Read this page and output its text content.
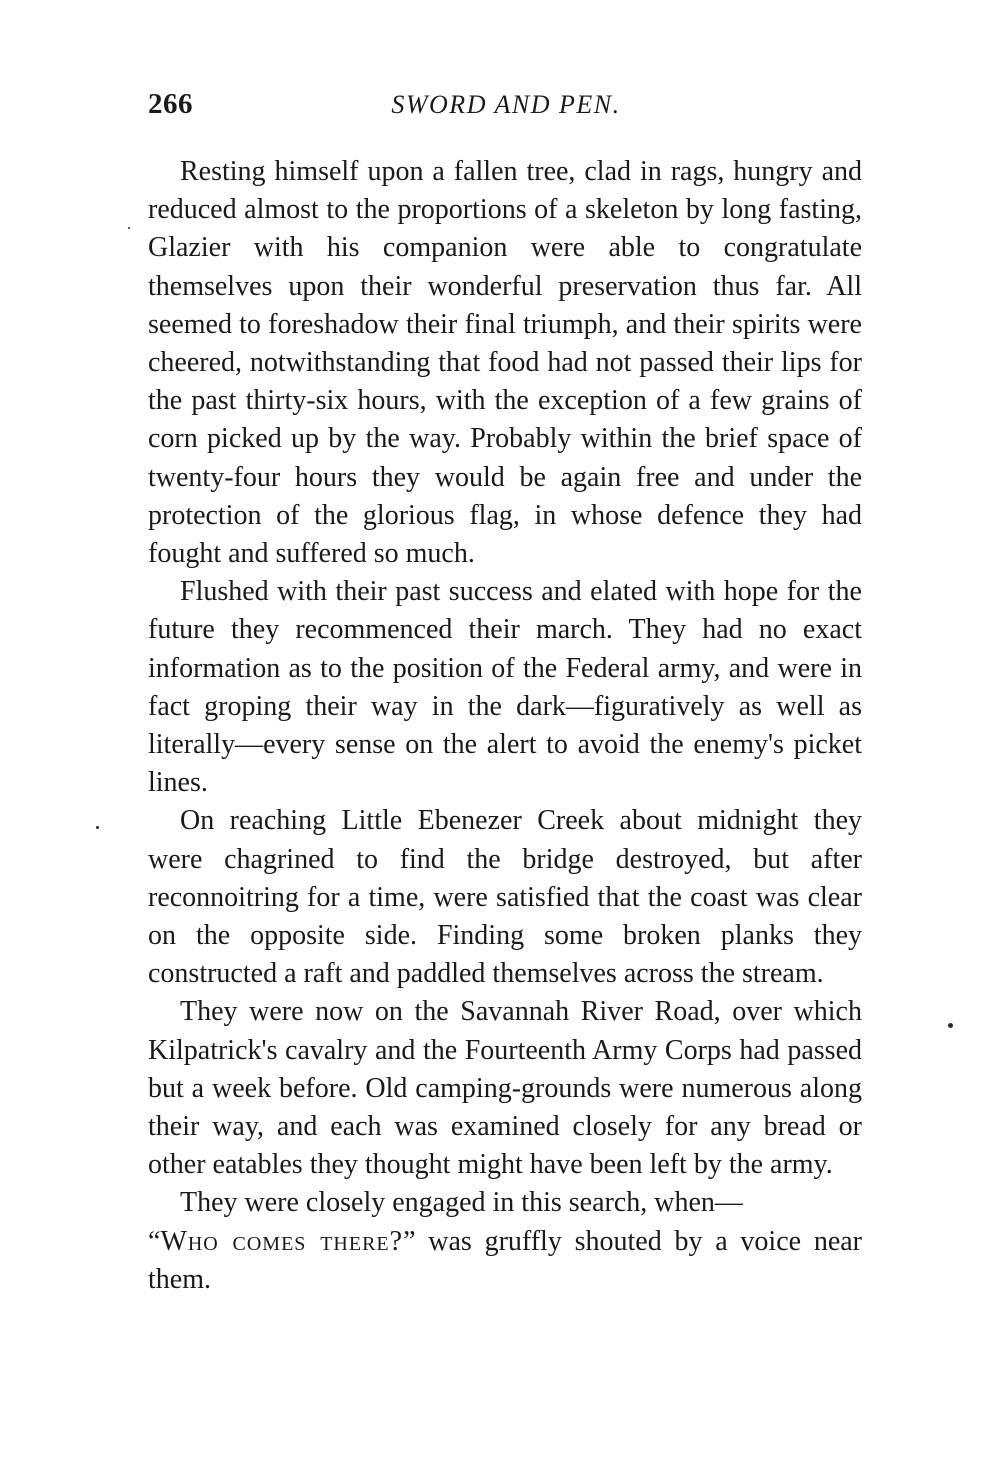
266	SWORD AND PEN.

Resting himself upon a fallen tree, clad in rags, hungry and reduced almost to the proportions of a skeleton by long fasting, Glazier with his companion were able to congratulate themselves upon their wonderful preservation thus far. All seemed to foreshadow their final triumph, and their spirits were cheered, notwithstanding that food had not passed their lips for the past thirty-six hours, with the exception of a few grains of corn picked up by the way. Probably within the brief space of twenty-four hours they would be again free and under the protection of the glorious flag, in whose defence they had fought and suffered so much.

Flushed with their past success and elated with hope for the future they recommenced their march. They had no exact information as to the position of the Federal army, and were in fact groping their way in the dark—figuratively as well as literally—every sense on the alert to avoid the enemy's picket lines.

On reaching Little Ebenezer Creek about midnight they were chagrined to find the bridge destroyed, but after reconnoitring for a time, were satisfied that the coast was clear on the opposite side. Finding some broken planks they constructed a raft and paddled themselves across the stream.

They were now on the Savannah River Road, over which Kilpatrick's cavalry and the Fourteenth Army Corps had passed but a week before. Old camping-grounds were numerous along their way, and each was examined closely for any bread or other eatables they thought might have been left by the army.

They were closely engaged in this search, when—
“Who comes there?” was gruffly shouted by a voice near them.
